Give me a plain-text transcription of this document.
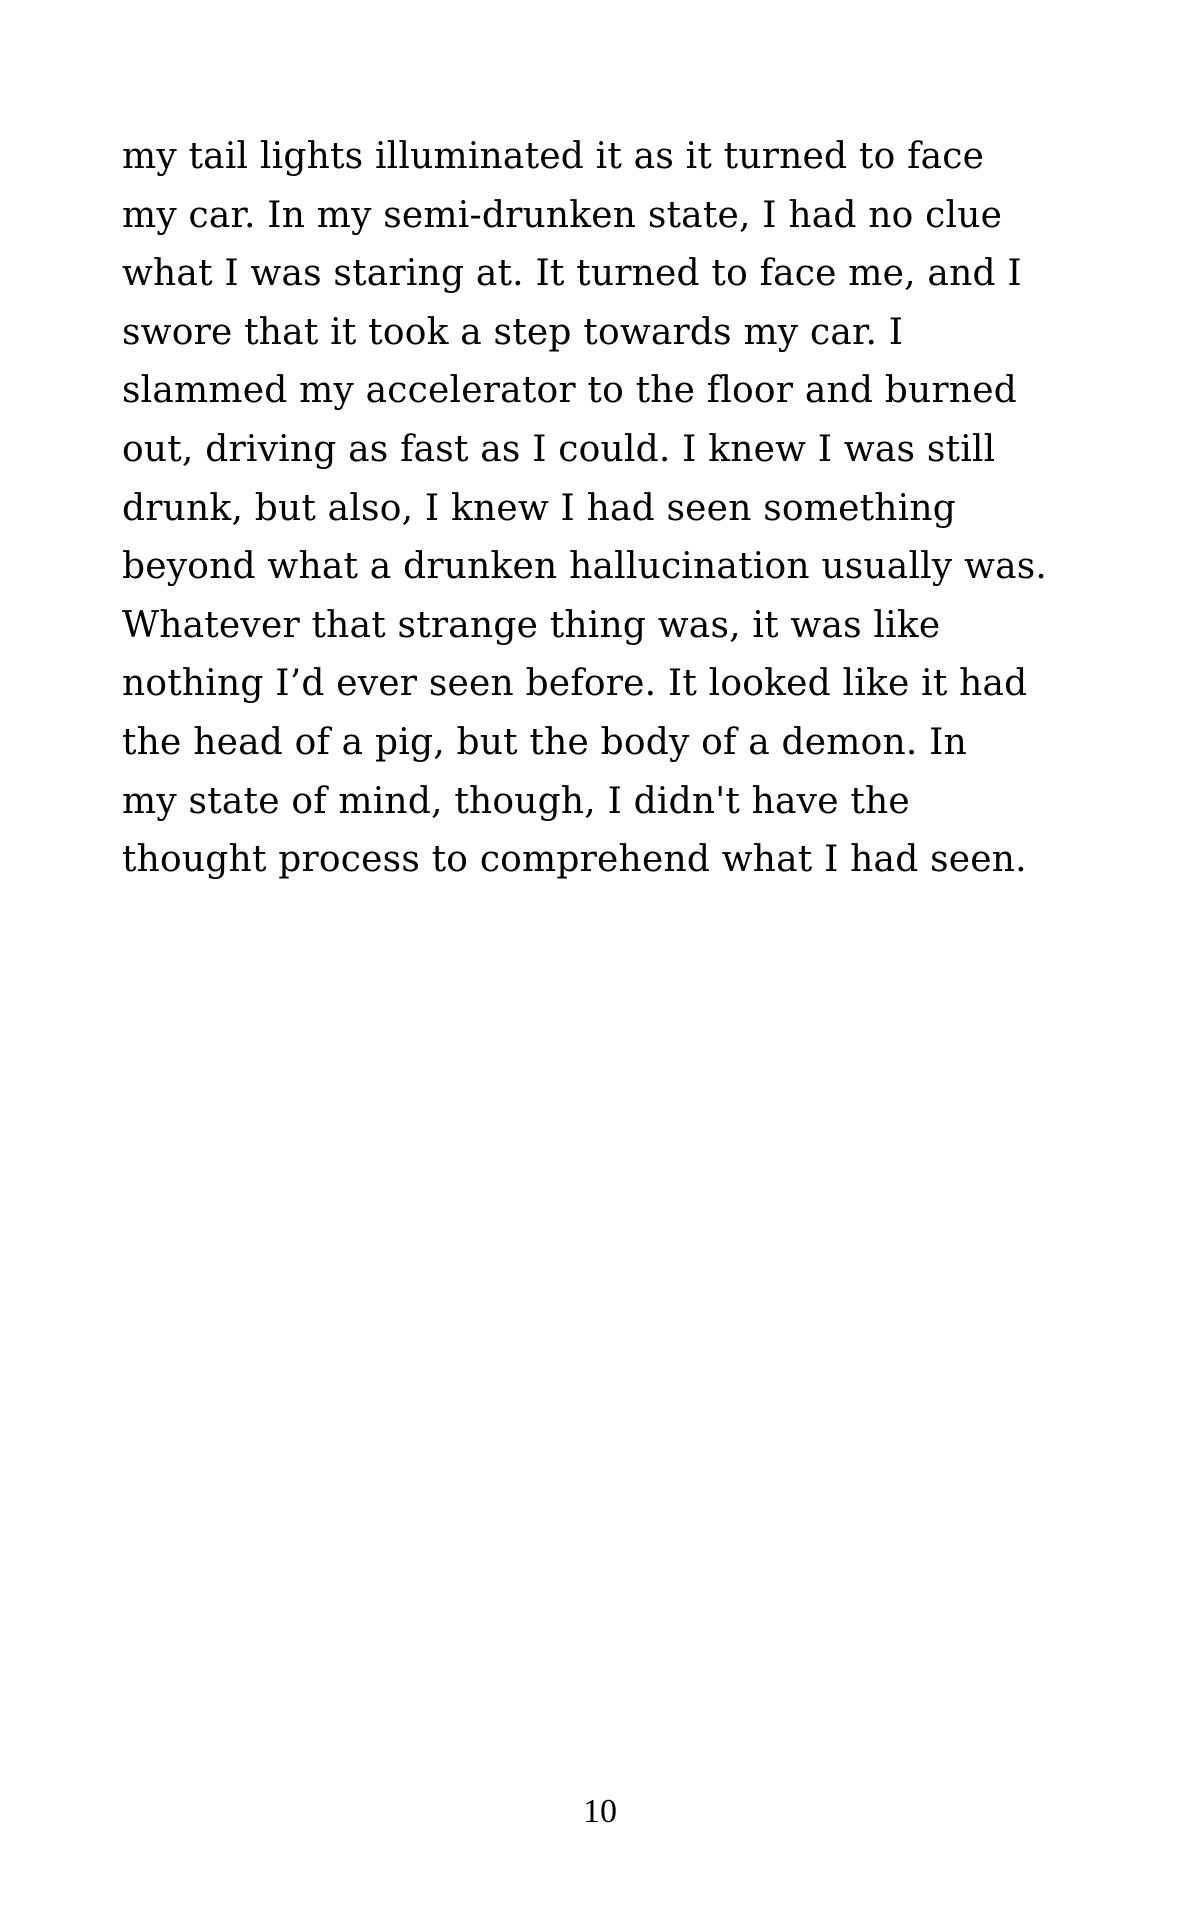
my tail lights illuminated it as it turned to face
my car. In my semi-drunken state, I had no clue
what I was staring at. It turned to face me, and I
swore that it took a step towards my car. I
slammed my accelerator to the floor and burned
out, driving as fast as I could. I knew I was still
drunk, but also, I knew I had seen something
beyond what a drunken hallucination usually was.
Whatever that strange thing was, it was like
nothing I’d ever seen before. It looked like it had
the head of a pig, but the body of a demon. In
my state of mind, though, I didn't have the
thought process to comprehend what I had seen.
10
